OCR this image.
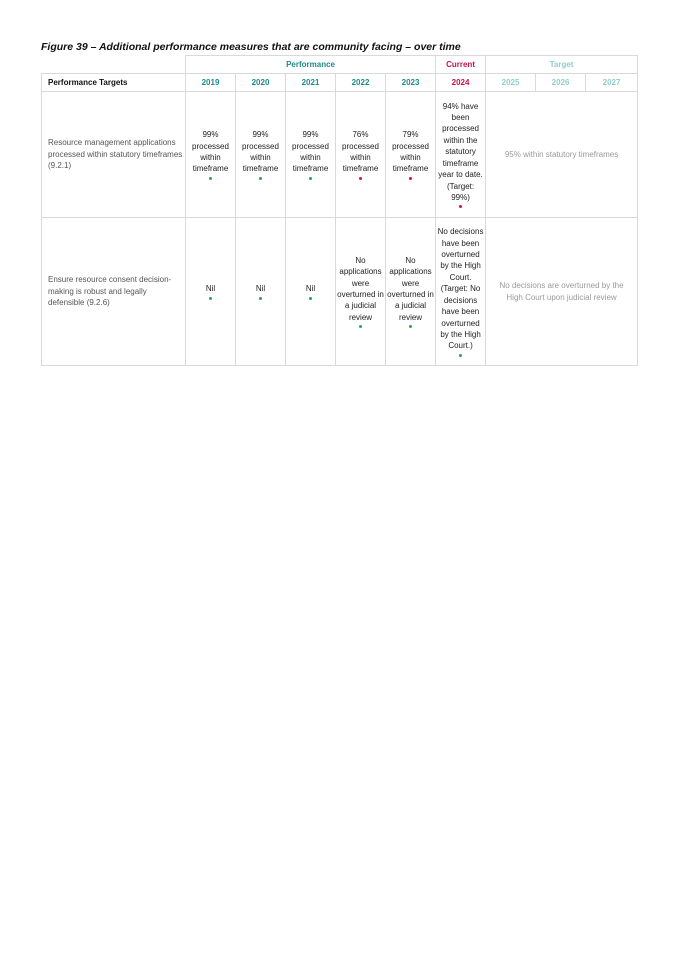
Figure 39 – Additional performance measures that are community facing – over time
	Performance					Current	Target		
Performance Targets	2019	2020	2021	2022	2023	2024	2025	2026	2027
Resource management applications processed within statutory timeframes (9.2.1)	99% processed within timeframe	99% processed within timeframe	99% processed within timeframe	76% processed within timeframe	79% processed within timeframe	94% have been processed within the statutory timeframe year to date. (Target: 99%)	95% within statutory timeframes		
Ensure resource consent decision-making is robust and legally defensible (9.2.6)	Nil	Nil	Nil	No applications were overturned in a judicial review	No applications were overturned in a judicial review	No decisions have been overturned by the High Court. (Target: No decisions have been overturned by the High Court.)	No decisions are overturned by the High Court upon judicial review		
